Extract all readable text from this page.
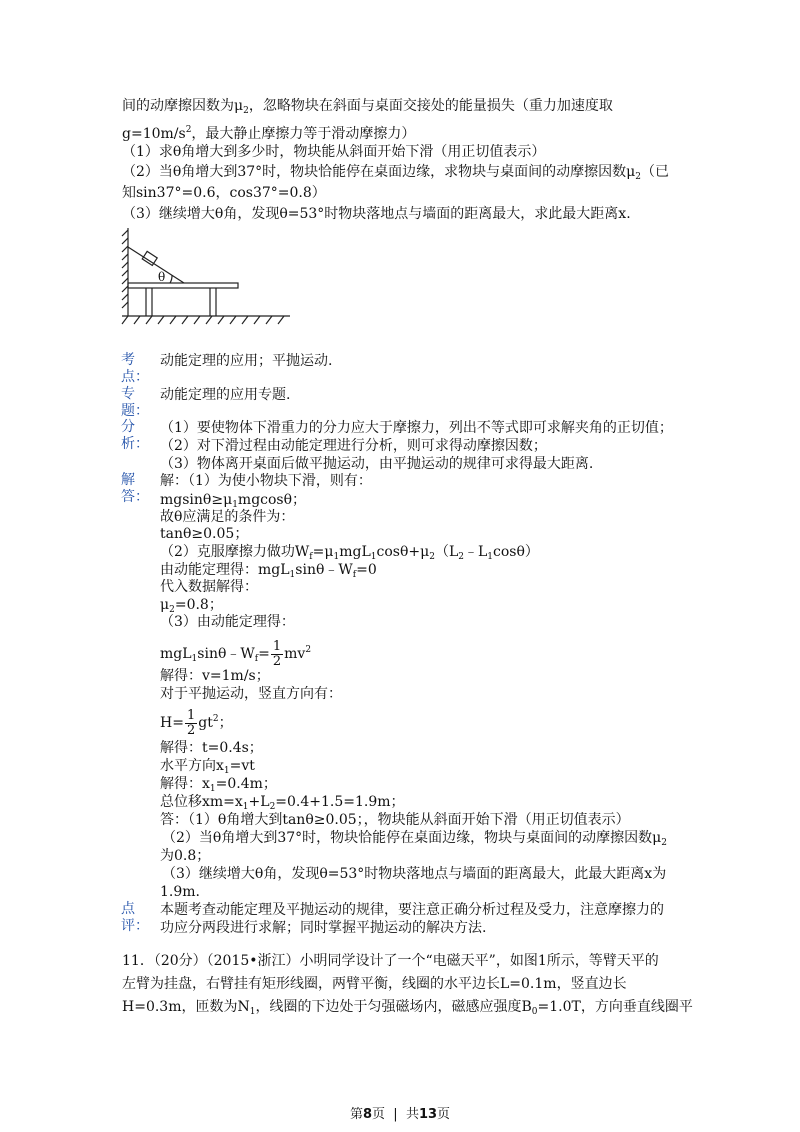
间的动摩擦因数为$\mu_2$，忽略物块在斜面与桌面交接处的能量损失（重力加速度取
$g=10m/s^2$，最大静止摩擦力等于滑动摩擦力）
（1）求θ角增大到多少时，物块能从斜面开始下滑（用正切值表示）
（2）当θ角增大到37°时，物块恰能停在桌面边缘，求物块与桌面间的动摩擦因数$\mu_2$（已
知sin37°=0.6，cos37°=0.8）
（3）继续增大θ角，发现θ=53°时物块落地点与墙面的距离最大，求此最大距离x.
θ
考
点：
动能定理的应用；平抛运动.
专
题：
动能定理的应用专题.
分
析：
（1）要使物体下滑重力的分力应大于摩擦力，列出不等式即可求解夹角的正切值；
（2）对下滑过程由动能定理进行分析，则可求得动摩擦因数；
（3）物体离开桌面后做平抛运动，由平抛运动的规律可求得最大距离.
解
答：
解：（1）为使小物块下滑，则有：
$mgsin\theta\ge\mu_1mgcos\theta$；
故θ应满足的条件为：
tanθ≥0.05；
（2）克服摩擦力做功$W_f=\mu_1mgL_1\cos\theta+\mu_2(L_2﹣L_1\cos\theta)$
由动能定理得：$mgL_1\sin\theta﹣W_f=0$
代入数据解得：
$\mu_2=0.8$；
（3）由动能定理得：
$mgL_1\sin\theta﹣W_f= \frac{1}{2} mv^2$
解得：v=1m/s；
对于平抛运动，竖直方向有：
$H= \frac{1}{2} gt^2$；
解得：t=0.4s；
水平方向$x_1=vt$
解得：$x_1=0.4m$；
总位移$xm=x_1+L_2=0.4+1.5=1.9m$；
答：（1）θ角增大到tanθ≥0.05；，物块能从斜面开始下滑（用正切值表示）
（2）当θ角增大到37°时，物块恰能停在桌面边缘，物块与桌面间的动摩擦因数$\mu_2$
为0.8；
（3）继续增大θ角，发现θ=53°时物块落地点与墙面的距离最大，此最大距离x为
1.9m.
点
评：
本题考查动能定理及平抛运动的规律，要注意正确分析过程及受力，注意摩擦力的
功应分两段进行求解；同时掌握平抛运动的解决方法.
11．（20分）（2015•浙江）小明同学设计了一个“电磁天平”，如图1所示，等臂天平的
左臂为挂盘，右臂挂有矩形线圈，两臂平衡，线圈的水平边长L=0.1m，竖直边长
H=0.3m，匝数为$N_1$，线圈的下边处于匀强磁场内，磁感应强度$B_0=1.0T$，方向垂直线圈平
第8页  |  共13页
